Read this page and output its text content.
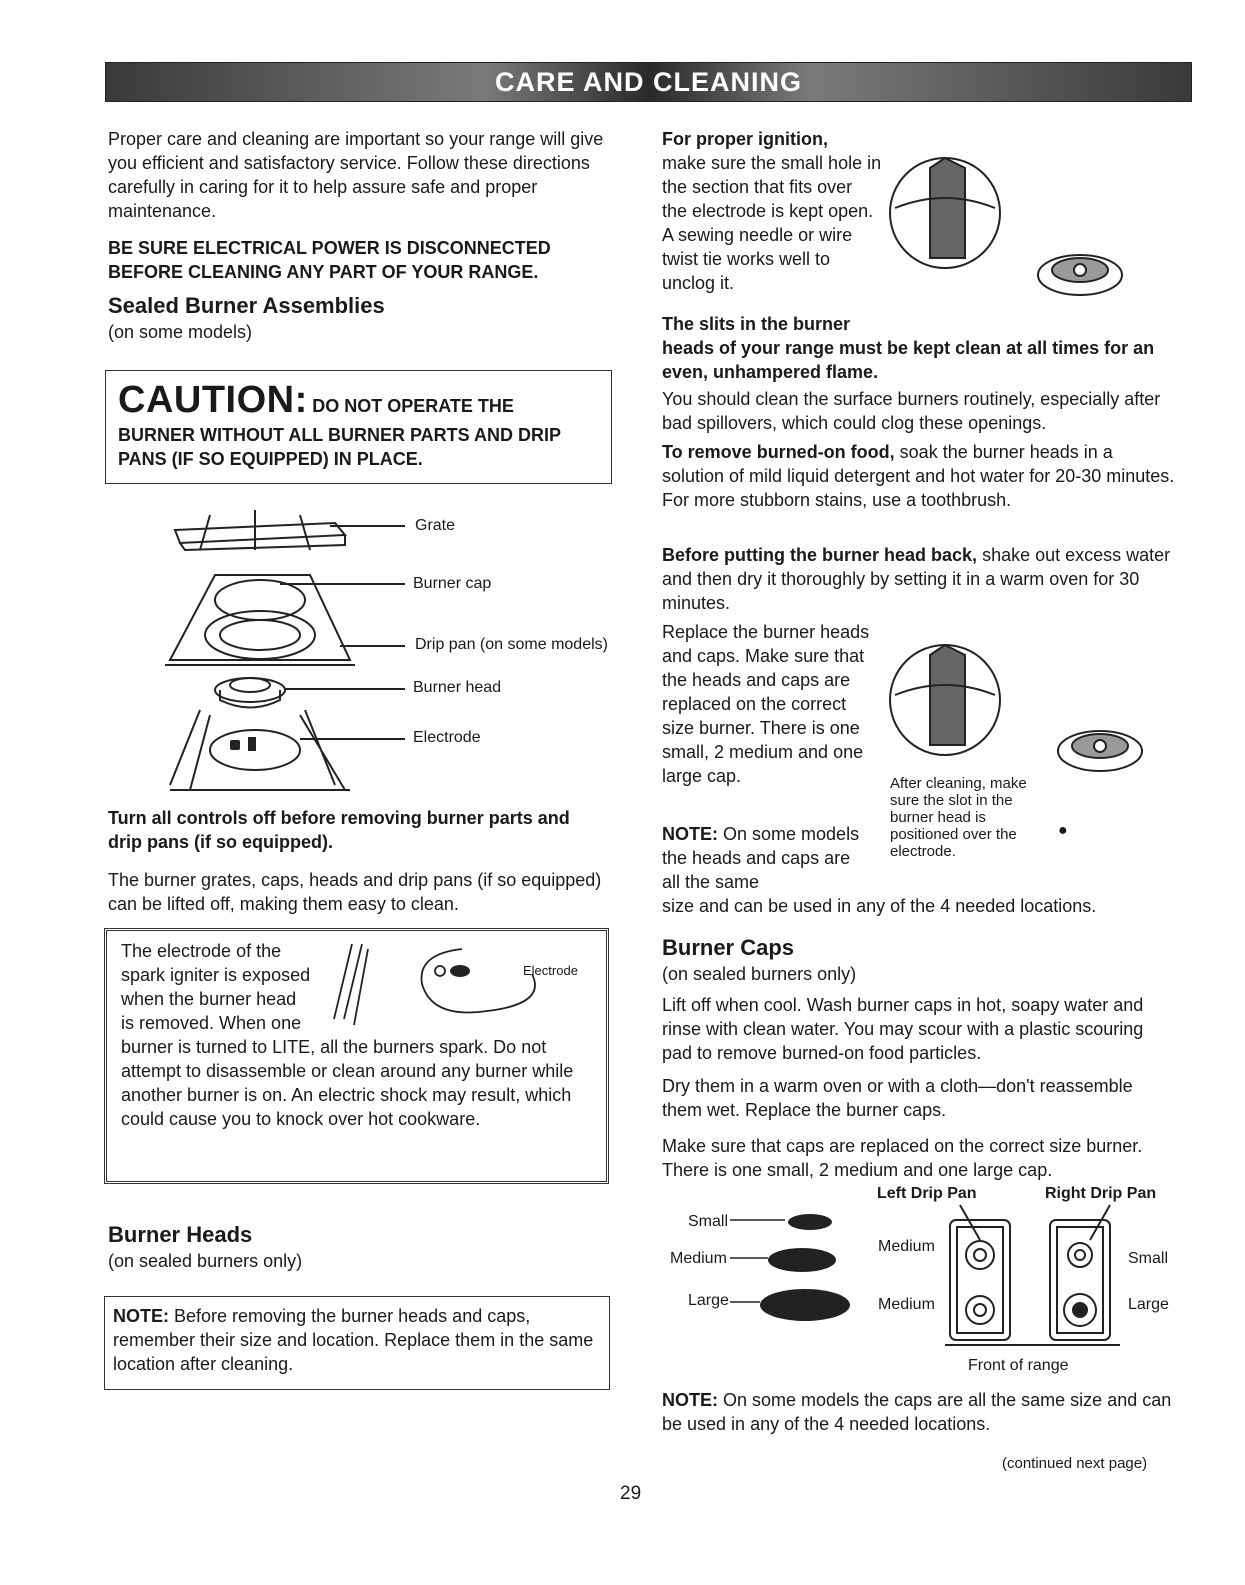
CARE AND CLEANING

Proper care and cleaning are important so your range will give you efficient and satisfactory service. Follow these directions carefully in caring for it to help assure safe and proper maintenance.

BE SURE ELECTRICAL POWER IS DISCONNECTED BEFORE CLEANING ANY PART OF YOUR RANGE.

Sealed Burner Assemblies

(on some models)

CAUTION: DO NOT OPERATE THE

BURNER WITHOUT ALL BURNER PARTS AND DRIP PANS (IF SO EQUIPPED) IN PLACE.

Grate
Burner cap
Drip pan (on some models)
Burner head
Electrode

Turn all controls off before removing burner parts and drip pans (if so equipped).

The burner grates, caps, heads and drip pans (if so equipped) can be lifted off, making them easy to clean.

The electrode of the

spark igniter is exposed

when the burner head

is removed. When one

burner is turned to LITE, all the burners spark. Do not attempt to disassemble or clean around any burner while another burner is on. An electric shock may result, which could cause you to knock over hot cookware.

Electrode

Burner Heads

(on sealed burners only)

NOTE: Before removing the burner heads and caps, remember their size and location. Replace them in the same location after cleaning.

For proper ignition,

make sure the small hole in the section that fits over the electrode is kept open. A sewing needle or wire twist tie works well to unclog it.

The slits in the burner

heads of your range must be kept clean at all times for an even, unhampered flame.

You should clean the surface burners routinely, especially after bad spillovers, which could clog these openings.

To remove burned-on food, soak the burner heads in a solution of mild liquid detergent and hot water for 20-30 minutes. For more stubborn stains, use a toothbrush.

Before putting the burner head back, shake out excess water and then dry it thoroughly by setting it in a warm oven for 30 minutes.

Replace the burner heads and caps. Make sure that the heads and caps are replaced on the correct size burner. There is one small, 2 medium and one large cap.	After cleaning, make sure the slot in the burner head is positioned over the electrode.

●

NOTE: On some models the heads and caps are all the same

size and can be used in any of the 4 needed locations.

Burner Caps

(on sealed burners only)

Lift off when cool. Wash burner caps in hot, soapy water and rinse with clean water. You may scour with a plastic scouring pad to remove burned-on food particles.

Dry them in a warm oven or with a cloth—don't reassemble them wet. Replace the burner caps.

Make sure that caps are replaced on the correct size burner. There is one small, 2 medium and one large cap.

Left Drip Pan	Right Drip Pan
Small
Medium
Large
Medium
Medium
Small
Large
Front of range

NOTE: On some models the caps are all the same size and can be used in any of the 4 needed locations.

(continued next page)
29
